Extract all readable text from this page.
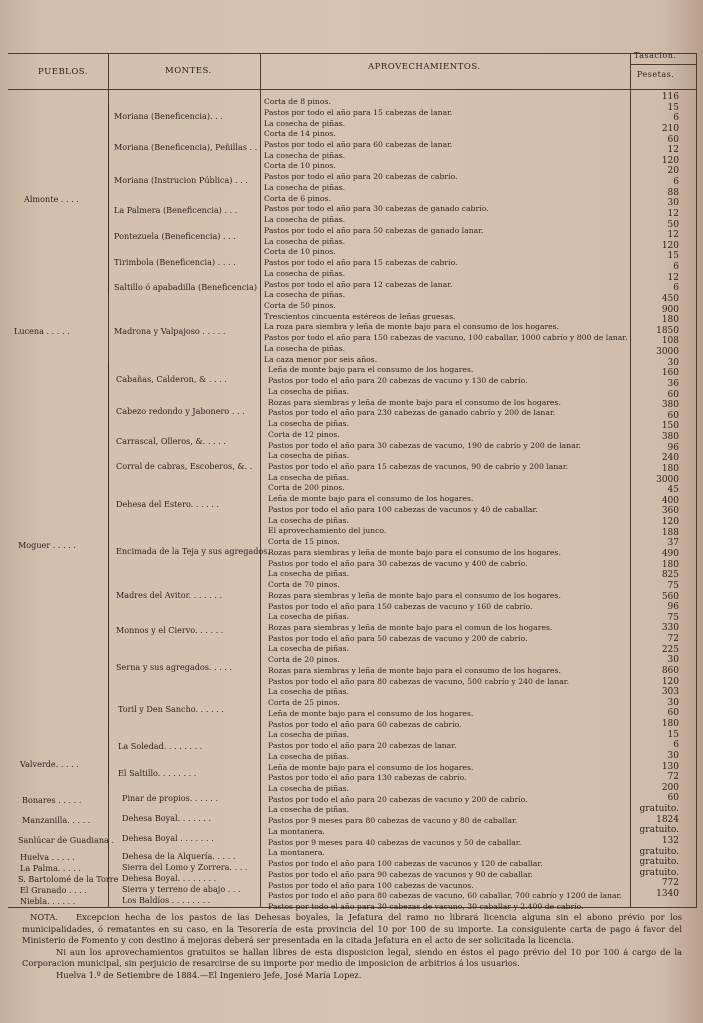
PUEBLOS.	MONTES.	APROVECHAMIENTOS.
Tasacion.
Pesetas.
Almonte . . . .
Lucena . . . . .
Moguer . . . . .
Valverde. . . . .
Bonares . . . . .
Manzanilla. . . . .
Sanlúcar de Guadiana .
Huelva . . . . .
La Palma. . . . .
S. Bartolomé de la Torre
El Granado . . . .
Niebla. . . . . .
Moriana (Beneficencia). . .
Moriana (Beneficencia), Peñillas . .
Moriana (Instrucion Pública) . . .
La Palmera (Beneficencia) . . .
Pontezuela (Beneficencia) . . .
Tirimbola (Beneficencia) . . . .
Saltillo ó apabadilla (Beneficencia) .
Madrona y Valpajoso . . . . .
Cabañas, Calderon, & . . . .
Cabezo redondo y Jabonero . . .
Carrascal, Olleros, &. . . . .
Corral de cabras, Escoberos, &. .
Dehesa del Estero. . . . . .
Encimada de la Teja y sus agregados.
Madres del Avitor. . . . . . .
Monnos y el Ciervo. . . . . .
Serna y sus agregados. . . . .
Toril y Den Sancho. . . . . .
La Soledad. . . . . . . .
El Saltillo. . . . . . . .
Pinar de propios. . . . . .
Dehesa Boyal. . . . . . .
Dehesa Boyal . . . . . . .
Dehesa de la Alquería. . . . .
Sierra del Lomo y Zorrera. . . .
Dehesa Boyal. . . . . . . .
Sierra y terreno de abajo . . .
Los Baldíos . . . . . . . .
Corta de 8 pinos.
Pastos por todo el año para 15 cabezas de lanar.
La cosecha de piñas.
Corta de 14 pinos.
Pastos por todo el año para 60 cabezas de lanar.
La cosecha de piñas.
Corta de 10 pinos.
Pastos por todo el año para 20 cabezas de cabrío.
La cosecha de piñas.
Corta de 6 pinos.
Pastos por todo el año para 30 cabezas de ganado cabrío.
La cosecha de piñas.
Pastos por todo el año para 50 cabezas de ganado lanar.
La cosecha de piñas.
Corta de 10 pinos.
Pastos por todo el año para 15 cabezas de cabrío.
La cosecha de piñas.
Pastos por todo el año para 12 cabezas de lanar.
La cosecha de piñas.
Corta de 50 pinos.
Trescientos cincuenta estéreos de leñas gruesas.
La roza para siembra y leña de monte bajo para el consumo de los hogares.
Pastos por todo el año para 150 cabezas de vacuno, 100 caballar, 1000 cabrío y 800 de lanar.
La cosecha de piñas.
La caza menor por seis años.
Leña de monte bajo para el consumo de los hogares.
Pastos por todo el año para 20 cabezas de vacuno y 130 de cabrío.
La cosecha de piñas.
Rozas para siembras y leña de monte bajo para el consumo de los hogares.
Pastos por todo el año para 230 cabezas de ganado cabrío y 200 de lanar.
La cosecha de piñas.
Corta de 12 pinos.
Pastos por todo el año para 30 cabezas de vacuno, 190 de cabrío y 200 de lanar.
La cosecha de piñas.
Pastos por todo el año para 15 cabezas de vacunos, 90 de cabrío y 200 lanar.
La cosecha de piñas.
Corta de 200 pinos.
Leña de monte bajo para el consumo de los hogares.
Pastos por todo el año para 100 cabezas de vacunos y 40 de caballar.
La cosecha de piñas.
El aprovechamiento del junco.
Corta de 15 pinos.
Rozas para siembras y leña de monte bajo para el consumo de los hogares.
Pastos por todo el año para 30 cabezas de vacuno y 400 de cabrío.
La cosecha de piñas.
Corta de 70 pinos.
Rozas para siembras y leña de monte bajo para el consumo de los hogares.
Pastos por todo el año para 150 cabezas de vacuno y 160 de cabrío.
La cosecha de piñas.
Rozas para siembras y leña de monte bajo para el comun de los hogares.
Pastos por todo el año para 50 cabezas de vacuno y 200 de cabrío.
La cosecha de piñas.
Corta de 20 pinos.
Rozas para siembras y leña de monte bajo para el consumo de los hogares.
Pastos por todo el año para 80 cabezas de vacuno, 500 cabrío y 240 de lanar.
La cosecha de piñas.
Corta de 25 pinos.
Leña de monte bajo para el consumo de los hogares.
Pastos por todo el año para 60 cabezas de cabrío.
La cosecha de piñas.
Pastos por todo el año para 20 cabezas de lanar.
La cosecha de piñas.
Leña de monte bajo para el consumo de los hogares.
Pastos por todo el año para 130 cabezas de cabrío.
La cosecha de piñas.
Pastos por todo el año para 20 cabezas de vacuno y 200 de cabrío.
La cosecha de piñas.
Pastos por 9 meses para 80 cabezas de vacuno y 80 de caballar.
La montanera.
Pastos por 9 meses para 40 cabezas de vacunos y 50 de caballar.
La montanera.
Pastos por todo el año para 100 cabezas de vacunos y 120 de caballar.
Pastos por todo el año para 90 cabezas de vacunos y 90 de caballar.
Pastos por todo el año para 100 cabezas de vacunos.
Pastos por todo el año para 80 cabezas de vacuno, 60 caballar, 700 cabrío y 1200 de lanar.
Pastos por todo el año para 30 cabezas de vacuno, 30 caballar y 2.400 de cabrío.
116
15
6
210
60
12
120
20
6
88
30
12
50
12
120
15
6
12
6
450
900
180
1850
108
3000
30
160
36
60
380
60
150
380
96
240
180
3000
45
400
360
120
188
37
490
180
825
75
560
96
75
330
72
225
30
860
120
303
30
60
180
15
6
30
130
72
200
60
gratuito.
1824
gratuito.
132
gratuito.
gratuito.
gratuito.
772
1340
NOTA. Excepcion hecha de los pastos de las Dehesas boyales, la Jefatura del ramo no librará licencia alguna sin el abono prévio por los municipalidades, ó rematantes en su caso, en la Tesorería de esta provincia del 10 por 100 de su importe. La consiguiente carta de pago á favor del Ministerio de Fomento y con destino á mejoras deberá ser presentada en la citada Jefatura en el acto de ser solicitada la licencia.
Ni aun los aprovechamientos gratuitos se hallan libres de esta disposicion legal, siendo en éstos el pago prévio del 10 por 100 á cargo de la Corporacion municipal, sin perjuicio de resarcirse de su importe por medio de imposicion de arbitrios á los usuarios.
Huelva 1.º de Setiembre de 1884.—El Ingeniero Jefe, José María Lopez.
